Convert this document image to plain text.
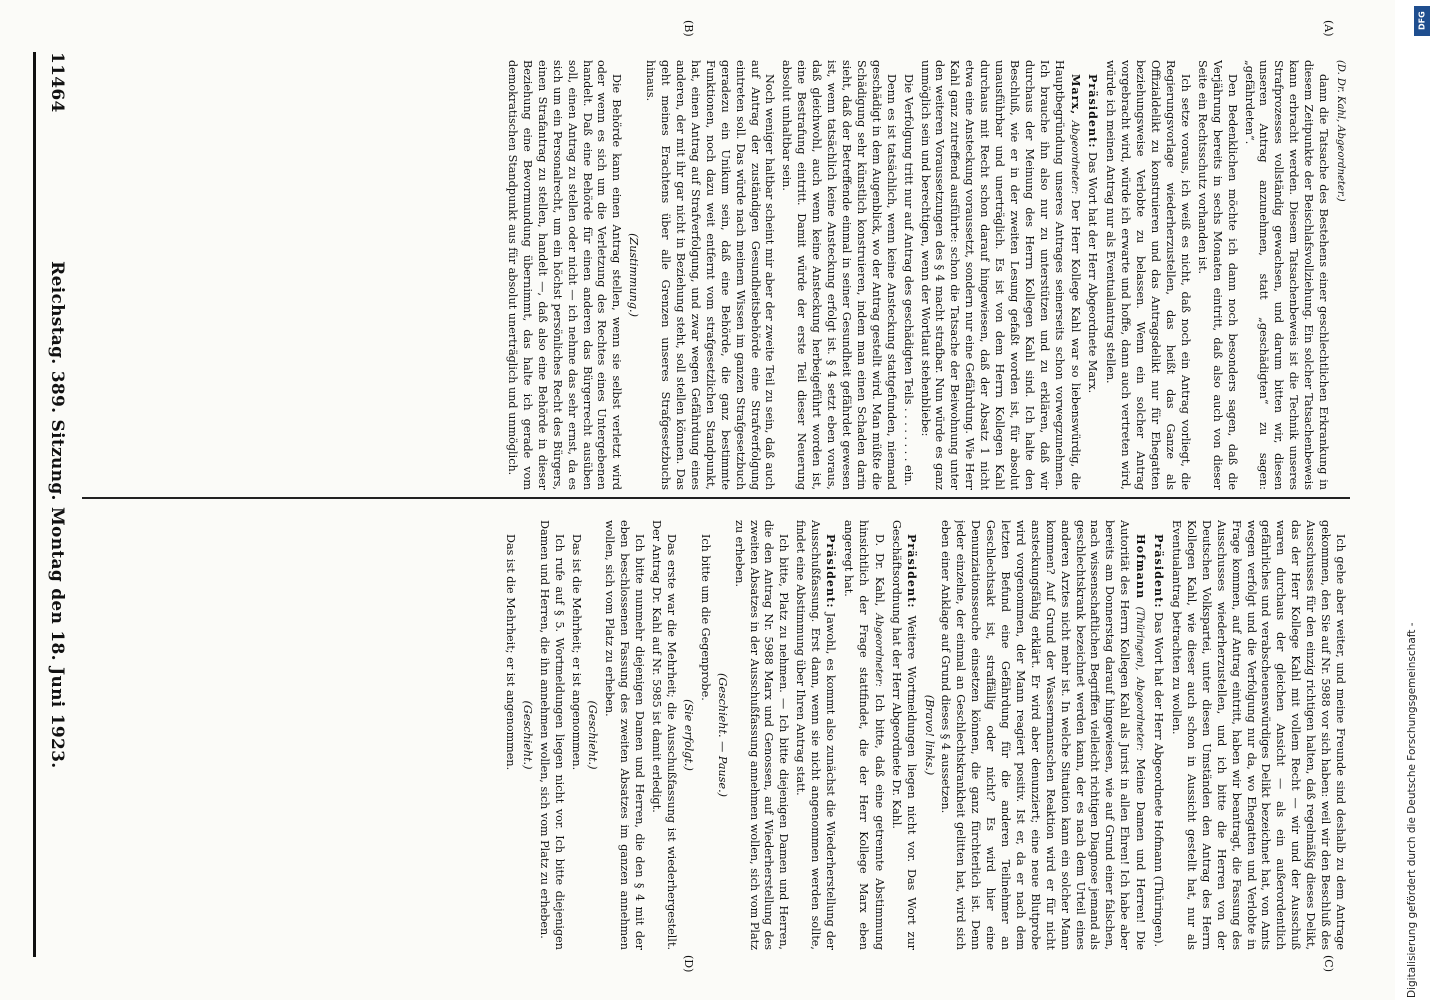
11464
Reichstag. 389. Sitzung. Montag den 18. Juni 1923.
(A)
(B)
(C)
(D)

(D. Dr. Kahl, Abgeordneter.)

dann die Tatsache des Bestehens einer geschlechtlichen Erkrankung in diesem Zeitpunkte der Beischlafsvollziehung. Ein solcher Tatsachenbeweis kann erbracht werden. Diesem Tatsachenbeweis ist die Technik unseres Strafprozesses vollständig gewachsen, und darum bitten wir, diesen unseren Antrag anzunehmen, statt „geschädigten“ zu sagen: „gefährdeten“.

Den Bedenklichen möchte ich dann noch besonders sagen, daß die Verjährung bereits in sechs Monaten eintritt, daß also auch von dieser Seite ein Rechtsschutz vorhanden ist.

Ich setze voraus, ich weiß es nicht, daß noch ein Antrag vorliegt, die Regierungsvorlage wiederherzustellen, das heißt das Ganze als Offizialdelikt zu konstruieren und das Antragsdelikt nur für Ehegatten beziehungsweise Verlobte zu belassen. Wenn ein solcher Antrag vorgebracht wird, würde ich erwarte und hoffe, dann auch vertreten wird, würde ich meinen Antrag nur als Eventualantrag stellen.

Präsident: Das Wort hat der Herr Abgeordnete Marx.

Marx, Abgeordneter: Der Herr Kollege Kahl war so liebenswürdig, die Hauptbegründung unseres Antrages seinerseits schon vorwegzunehmen. Ich brauche ihn also nur zu unterstützen und zu erklären, daß wir durchaus der Meinung des Herrn Kollegen Kahl sind. Ich halte den Beschluß, wie er in der zweiten Lesung gefaßt worden ist, für absolut unausführbar und unerträglich. Es ist von dem Herrn Kollegen Kahl durchaus mit Recht schon darauf hingewiesen, daß der Absatz 1 nicht etwa eine Ansteckung voraussetzt, sondern nur eine Gefährdung. Wie Herr Kahl ganz zutreffend ausführte: schon die Tatsache der Beiwohnung unter den weiteren Voraussetzungen des § 4 macht strafbar. Nun würde es ganz unmöglich sein und berechtigen, wenn der Wortlaut stehenbliebe:

Die Verfolgung tritt nur auf Antrag des geschädigten Teils . . . . . . . . ein.

Denn es ist tatsächlich, wenn keine Ansteckung stattgefunden, niemand geschädigt in dem Augenblick, wo der Antrag gestellt wird. Man müßte die Schädigung sehr künstlich konstruieren, indem man einen Schaden darin sieht, daß der Betreffende einmal in seiner Gesundheit gefährdet gewesen ist, wenn tatsächlich keine Ansteckung erfolgt ist. § 4 setzt eben voraus, daß gleichwohl, auch wenn keine Ansteckung herbeigeführt worden ist, eine Bestrafung eintritt. Damit würde der erste Teil dieser Neuerung absolut unhaltbar sein.

Noch weniger haltbar scheint mir aber der zweite Teil zu sein, daß auch auf Antrag der zuständigen Gesundheitsbehörde eine Strafverfolgung eintreten soll. Das würde nach meinem Wissen im ganzen Strafgesetzbuch geradezu ein Unikum sein, daß eine Behörde, die ganz bestimmte Funktionen, noch dazu weit entfernt vom strafgesetzlichen Standpunkt, hat, einen Antrag auf Strafverfolgung, und zwar wegen Gefährdung eines anderen, der mit ihr gar nicht in Beziehung steht, soll stellen können. Das geht meines Erachtens über alle Grenzen unseres Strafgesetzbuchs hinaus.

(Zustimmung.)

Die Behörde kann einen Antrag stellen, wenn sie selbst verletzt wird oder wenn es sich um die Verletzung des Rechtes eines Untergebenen handelt. Daß eine Behörde für einen anderen das Bürgerrecht ausüben soll, einen Antrag zu stellen oder nicht — ich nehme das sehr ernst, da es sich um ein Personalrecht, um ein höchst persönliches Recht des Bürgers, einen Strafantrag zu stellen, handelt —, daß also eine Behörde in dieser Beziehung eine Bevormundung übernimmt, das halte ich gerade vom demokratischen Standpunkt aus für absolut unerträglich und unmöglich.

Ich gehe aber weiter, und meine Freunde sind deshalb zu dem Antrage gekommen, den Sie auf Nr. 5988 vor sich haben: weil wir den Beschluß des Ausschusses für den einzig richtigen halten, daß regelmäßig dieses Delikt, das der Herr Kollege Kahl mit vollem Recht — wir und der Ausschuß waren durchaus der gleichen Ansicht — als ein außerordentlich gefährliches und verabscheuenswürdiges Delikt bezeichnet hat, von Amts wegen verfolgt und die Verfolgung nur da, wo Ehegatten und Verlobte in Frage kommen, auf Antrag eintritt, haben wir beantragt, die Fassung des Ausschusses wiederherzustellen, und ich bitte die Herren von der Deutschen Volkspartei, unter diesen Umständen den Antrag des Herrn Kollegen Kahl, wie dieser auch schon in Aussicht gestellt hat, nur als Eventualantrag betrachten zu wollen.

Präsident: Das Wort hat der Herr Abgeordnete Hofmann (Thüringen).

Hofmann (Thüringen), Abgeordneter: Meine Damen und Herren! Die Autorität des Herrn Kollegen Kahl als Jurist in allen Ehren! Ich habe aber bereits am Donnerstag darauf hingewiesen, wie auf Grund einer falschen, nach wissenschaftlichen Begriffen vielleicht richtigen Diagnose jemand als geschlechtskrank bezeichnet werden kann, der es nach dem Urteil eines anderen Arztes nicht mehr ist. In welche Situation kann ein solcher Mann kommen? Auf Grund der Wassermannschen Reaktion wird er für nicht ansteckungsfähig erklärt. Er wird aber denunziert; eine neue Blutprobe wird vorgenommen, der Mann reagiert positiv. Ist er, da er nach dem letzten Befund eine Gefährdung für die anderen Teilnehmer an Geschlechtsakt ist, straffällig oder nicht? Es wird hier eine Denunziationsseuche einsetzen können, die ganz fürchterlich ist. Denn jeder einzelne, der einmal an Geschlechtskrankheit gelitten hat, wird sich eben einer Anklage auf Grund dieses § 4 aussetzen.

(Bravo! links.)

Präsident: Weitere Wortmeldungen liegen nicht vor. Das Wort zur Geschäftsordnung hat der Herr Abgeordnete Dr. Kahl.

D. Dr. Kahl, Abgeordneter: Ich bitte, daß eine getrennte Abstimmung hinsichtlich der Frage stattfindet, die der Herr Kollege Marx eben angeregt hat.

Präsident: Jawohl, es kommt also zunächst die Wiederherstellung der Ausschußfassung. Erst dann, wenn sie nicht angenommen werden sollte, findet eine Abstimmung über Ihren Antrag statt.

Ich bitte, Platz zu nehmen. — Ich bitte diejenigen Damen und Herren, die den Antrag Nr. 5988 Marx und Genossen, auf Wiederherstellung des zweiten Absatzes in der Ausschußfassung annehmen wollen, sich vom Platz zu erheben.

(Geschieht. — Pause.)

Ich bitte um die Gegenprobe.

(Sie erfolgt.)

Das erste war die Mehrheit; die Ausschußfassung ist wiederhergestellt. Der Antrag Dr. Kahl auf Nr. 5985 ist damit erledigt.

Ich bitte nunmehr diejenigen Damen und Herren, die den § 4 mit der eben beschlossenen Fassung des zweiten Absatzes im ganzen annehmen wollen, sich vom Platz zu erheben.

(Geschieht.)

Das ist die Mehrheit; er ist angenommen.

Ich rufe auf § 5. Wortmeldungen liegen nicht vor. Ich bitte diejenigen Damen und Herren, die ihn annehmen wollen, sich vom Platz zu erheben.

(Geschieht.)

Das ist die Mehrheit; er ist angenommen.

DFG
Digitalisierung gefördert durch die Deutsche Forschungsgemeinschaft -
